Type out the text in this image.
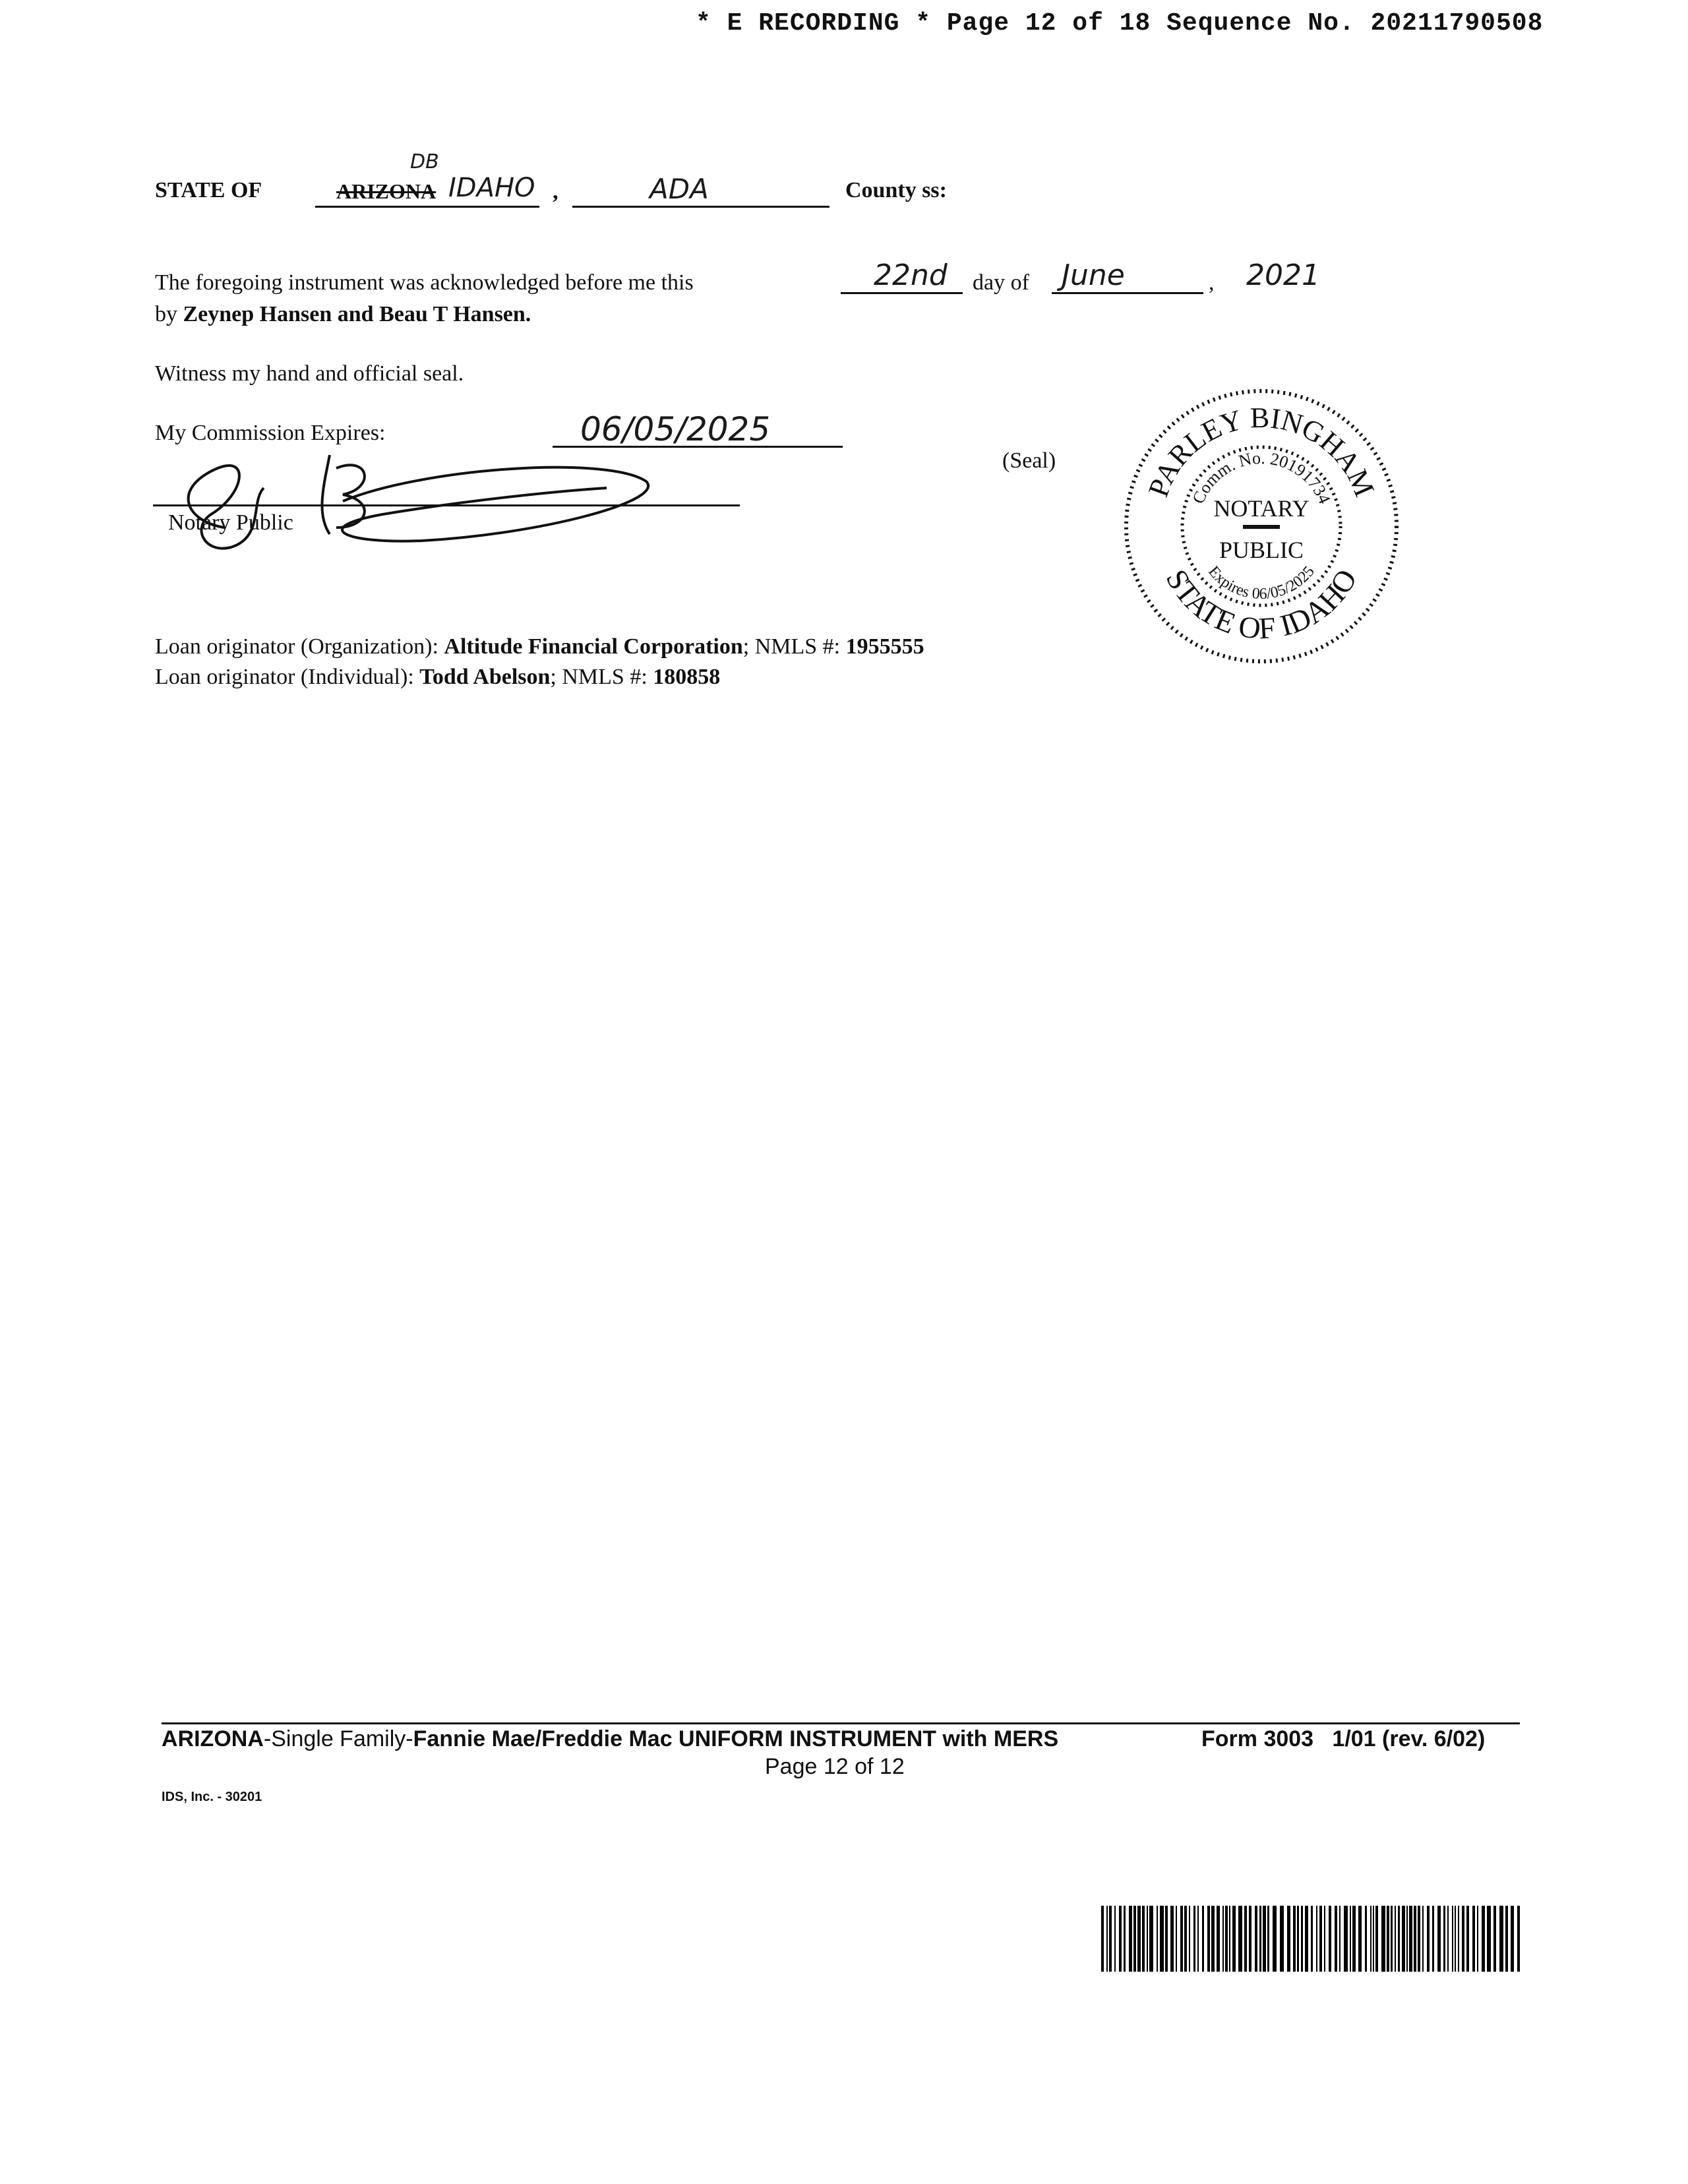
* E RECORDING * Page 12 of 18 Sequence No. 20211790508
STATE OF	ARIZONA
DB
IDAHO ,	ADA	County ss:
The foregoing instrument was acknowledged before me this	22nd day of June	, 2021
by Zeynep Hansen and Beau T Hansen.
Witness my hand and official seal.
My Commission Expires:	06/05/2025
(Seal)
Notary Public
PARLEY BINGHAM
Comm. No. 20191734
NOTARY
PUBLIC
Expires 06/05/2025
STATE OF IDAHO
Loan originator (Organization): Altitude Financial Corporation; NMLS #: 1955555
Loan originator (Individual): Todd Abelson; NMLS #: 180858
ARIZONA-Single Family-Fannie Mae/Freddie Mac UNIFORM INSTRUMENT with MERS	Form 3003   1/01 (rev. 6/02)
Page 12 of 12
IDS, Inc. - 30201
